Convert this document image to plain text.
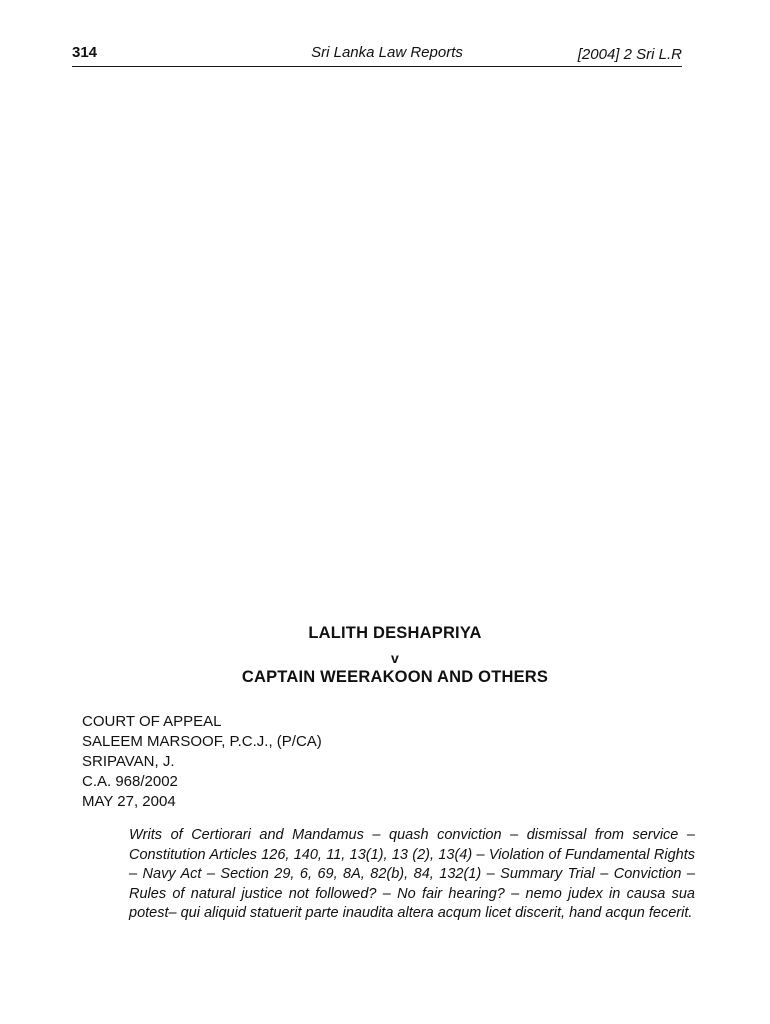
314	Sri Lanka Law Reports	[2004] 2 Sri L.R
LALITH DESHAPRIYA
v
CAPTAIN WEERAKOON AND OTHERS
COURT OF APPEAL
SALEEM MARSOOF, P.C.J., (P/CA)
SRIPAVAN, J.
C.A. 968/2002
MAY 27, 2004
Writs of Certiorari and Mandamus – quash conviction – dismissal from service – Constitution Articles 126, 140, 11, 13(1), 13 (2), 13(4) – Violation of Fundamental Rights – Navy Act – Section 29, 6, 69, 8A, 82(b), 84, 132(1) – Summary Trial – Conviction – Rules of natural justice not followed? – No fair hearing? – nemo judex in causa sua potest– qui aliquid statuerit parte inaudita altera acqum licet discerit, hand acqun fecerit.
